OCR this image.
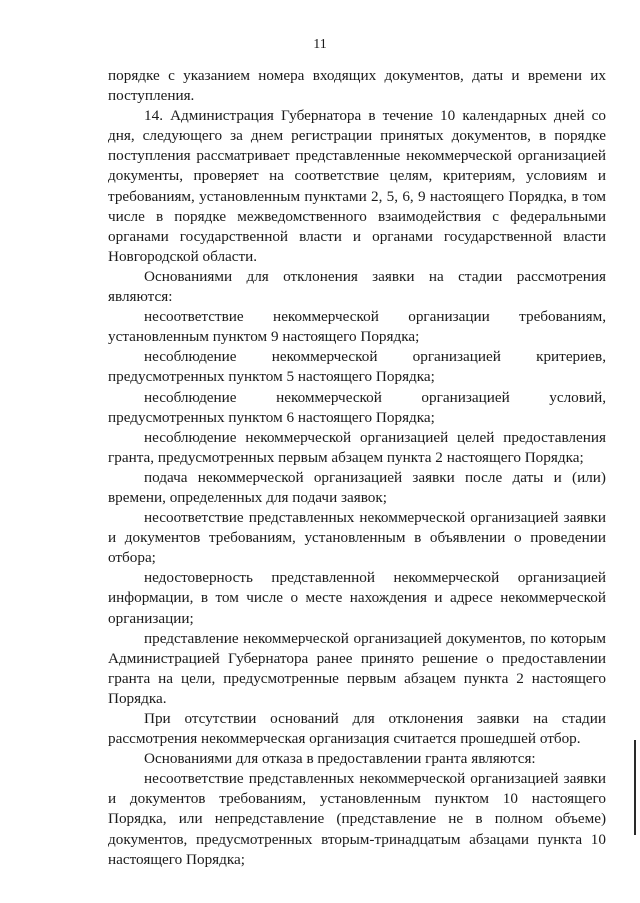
11

порядке с указанием номера входящих документов, даты и времени их поступления.

14. Администрация Губернатора в течение 10 календарных дней со дня, следующего за днем регистрации принятых документов, в порядке поступления рассматривает представленные некоммерческой организацией документы, проверяет на соответствие целям, критериям, условиям и требованиям, установленным пунктами 2, 5, 6, 9 настоящего Порядка, в том числе в порядке межведомственного взаимодействия с федеральными органами государственной власти и органами государственной власти Новгородской области.

Основаниями для отклонения заявки на стадии рассмотрения являются:

несоответствие некоммерческой организации требованиям, установленным пунктом 9 настоящего Порядка;

несоблюдение некоммерческой организацией критериев, предусмотренных пунктом 5 настоящего Порядка;

несоблюдение некоммерческой организацией условий, предусмотренных пунктом 6 настоящего Порядка;

несоблюдение некоммерческой организацией целей предоставления гранта, предусмотренных первым абзацем пункта 2 настоящего Порядка;

подача некоммерческой организацией заявки после даты и (или) времени, определенных для подачи заявок;

несоответствие представленных некоммерческой организацией заявки и документов требованиям, установленным в объявлении о проведении отбора;

недостоверность представленной некоммерческой организацией информации, в том числе о месте нахождения и адресе некоммерческой организации;

представление некоммерческой организацией документов, по которым Администрацией Губернатора ранее принято решение о предоставлении гранта на цели, предусмотренные первым абзацем пункта 2 настоящего Порядка.

При отсутствии оснований для отклонения заявки на стадии рассмотрения некоммерческая организация считается прошедшей отбор.

Основаниями для отказа в предоставлении гранта являются:

несоответствие представленных некоммерческой организацией заявки и документов требованиям, установленным пунктом 10 настоящего Порядка, или непредставление (представление не в полном объеме) документов, предусмотренных вторым-тринадцатым абзацами пункта 10 настоящего Порядка;
